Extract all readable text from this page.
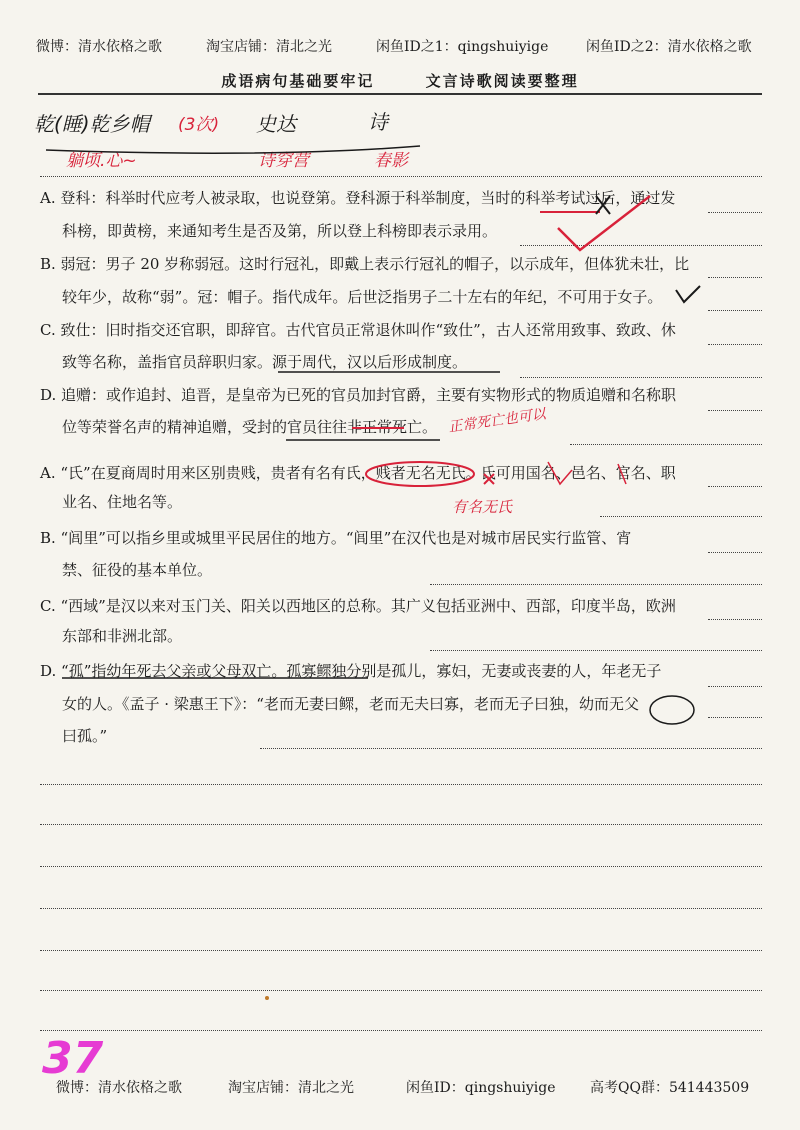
微博：清水依格之歌	淘宝店铺：清北之光	闲鱼ID之1：qingshuiyige	闲鱼ID之2：清水依格之歌
成语病句基础要牢记	文言诗歌阅读要整理
乾(睡)乾乡帽 (3次) 史达	诗
躺顷.心~	诗穿营	春影
A. 登科：科举时代应考人被录取，也说登第。登科源于科举制度，当时的科举考试过后，通过发
科榜，即黄榜，来通知考生是否及第，所以登上科榜即表示录用。
B. 弱冠：男子 20 岁称弱冠。这时行冠礼，即戴上表示行冠礼的帽子，以示成年，但体犹未壮，比
较年少，故称“弱”。冠：帽子。指代成年。后世泛指男子二十左右的年纪，不可用于女子。
C. 致仕：旧时指交还官职，即辞官。古代官员正常退休叫作“致仕”，古人还常用致事、致政、休
致等名称，盖指官员辞职归家。源于周代，汉以后形成制度。
D. 追赠：或作追封、追晋，是皇帝为已死的官员加封官爵，主要有实物形式的物质追赠和名称职
位等荣誉名声的精神追赠，受封的官员往往非正常死亡。
A. “氏”在夏商周时用来区别贵贱，贵者有名有氏，贱者无名无氏。氏可用国名、邑名、官名、职
业名、住地名等。
B. “闾里”可以指乡里或城里平民居住的地方。“闾里”在汉代也是对城市居民实行监管、宵
禁、征役的基本单位。
C. “西域”是汉以来对玉门关、阳关以西地区的总称。其广义包括亚洲中、西部，印度半岛，欧洲
东部和非洲北部。
D. “孤”指幼年死去父亲或父母双亡。孤寡鳏独分别是孤儿，寡妇，无妻或丧妻的人，年老无子
女的人。《孟子 · 梁惠王下》：“老而无妻曰鳏，老而无夫曰寡，老而无子曰独，幼而无父
曰孤。”
正常死亡也可以
有名无氏
37
微博：清水依格之歌	淘宝店铺：清北之光	闲鱼ID：qingshuiyige 高考QQ群：541443509
